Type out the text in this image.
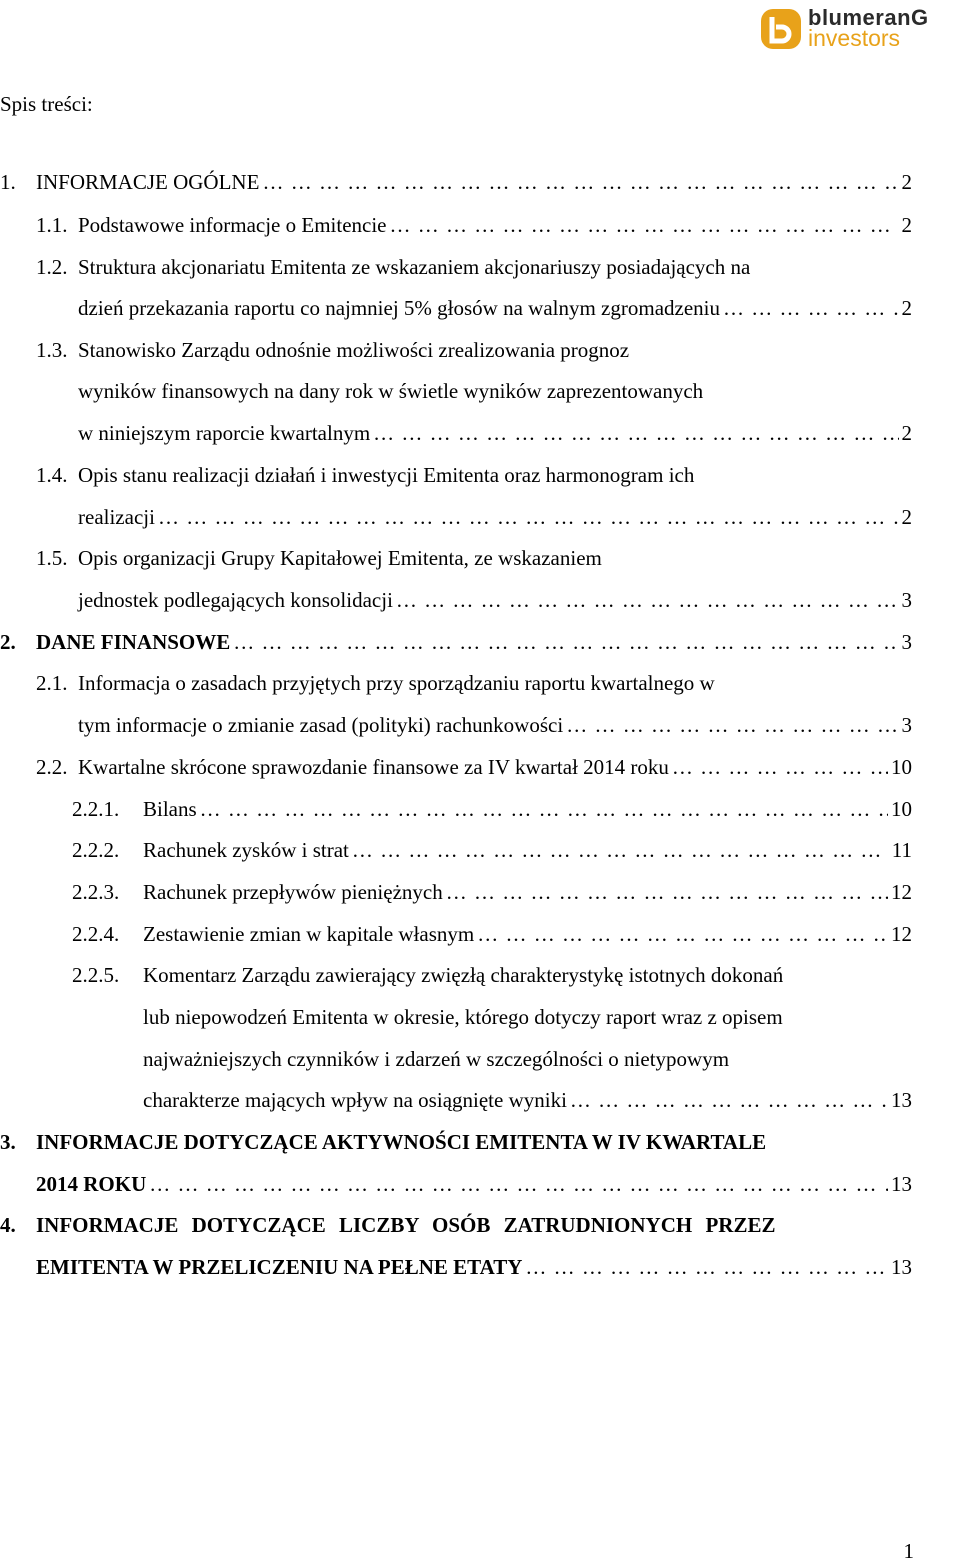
blumeranG
investors
Spis treści:
1. INFORMACJE OGÓLNE … … … … … … … … … … … … … … … … … … … … … … … … … … … … … … … … … … … … … … … …	2
1.1. Podstawowe informacje o Emitencie … … … … … … … … … … … … … … … … … … … … … … … … … … … … … … … … … … … … … … … …	2
1.2. Struktura akcjonariatu Emitenta ze wskazaniem akcjonariuszy posiadających na
dzień przekazania raportu co najmniej 5% głosów na walnym zgromadzeniu … … … … … … … … … … … … … … … … … … … … … … … … … … … … … … … … … … … … … … … …	2
1.3. Stanowisko Zarządu odnośnie możliwości zrealizowania prognoz
wyników finansowych na dany rok w świetle wyników zaprezentowanych
w niniejszym raporcie kwartalnym … … … … … … … … … … … … … … … … … … … … … … … … … … … … … … … … … … … … … … … …	2
1.4. Opis stanu realizacji działań i inwestycji Emitenta oraz harmonogram ich
realizacji … … … … … … … … … … … … … … … … … … … … … … … … … … … … … … … … … … … … … … … …	2
1.5. Opis organizacji Grupy Kapitałowej Emitenta, ze wskazaniem
jednostek podlegających konsolidacji … … … … … … … … … … … … … … … … … … … … … … … … … … … … … … … … … … … … … … … …	3
2. DANE FINANSOWE … … … … … … … … … … … … … … … … … … … … … … … … … … … … … … … … … … … … … … … …	3
2.1. Informacja o zasadach przyjętych przy sporządzaniu raportu kwartalnego w
tym informacje o zmianie zasad (polityki) rachunkowości … … … … … … … … … … … … … … … … … … … … … … … … … … … … … … … … … … … … … … … …	3
2.2. Kwartalne skrócone sprawozdanie finansowe za IV kwartał 2014 roku … … … … … … … … … … … … … … … … … … … … … … … … … … … … … … … … … … … … … … … …	10
2.2.1.	Bilans … … … … … … … … … … … … … … … … … … … … … … … … … … … … … … … … … … … … … … … …	10
2.2.2.	Rachunek zysków i strat … … … … … … … … … … … … … … … … … … … … … … … … … … … … … … … … … … … … … … … …	11
2.2.3.	Rachunek przepływów pieniężnych … … … … … … … … … … … … … … … … … … … … … … … … … … … … … … … … … … … … … … … …	12
2.2.4.	Zestawienie zmian w kapitale własnym … … … … … … … … … … … … … … … … … … … … … … … … … … … … … … … … … … … … … … … …	12
2.2.5.	Komentarz Zarządu zawierający zwięzłą charakterystykę istotnych dokonań
lub niepowodzeń Emitenta w okresie, którego dotyczy raport wraz z opisem
najważniejszych czynników i zdarzeń w szczególności o nietypowym
charakterze mających wpływ na osiągnięte wyniki … … … … … … … … … … … … … … … … … … … … … … … … … … … … … … … … … … … … … … … …	13
3. INFORMACJE DOTYCZĄCE AKTYWNOŚCI EMITENTA W IV KWARTALE
2014 ROKU … … … … … … … … … … … … … … … … … … … … … … … … … … … … … … … … … … … … … … … …	13
4. INFORMACJE DOTYCZĄCE LICZBY OSÓB ZATRUDNIONYCH PRZEZ
EMITENTA W PRZELICZENIU NA PEŁNE ETATY … … … … … … … … … … … … … … … … … … … … … … … … … … … … … … … … … … … … … … … …	13
1
